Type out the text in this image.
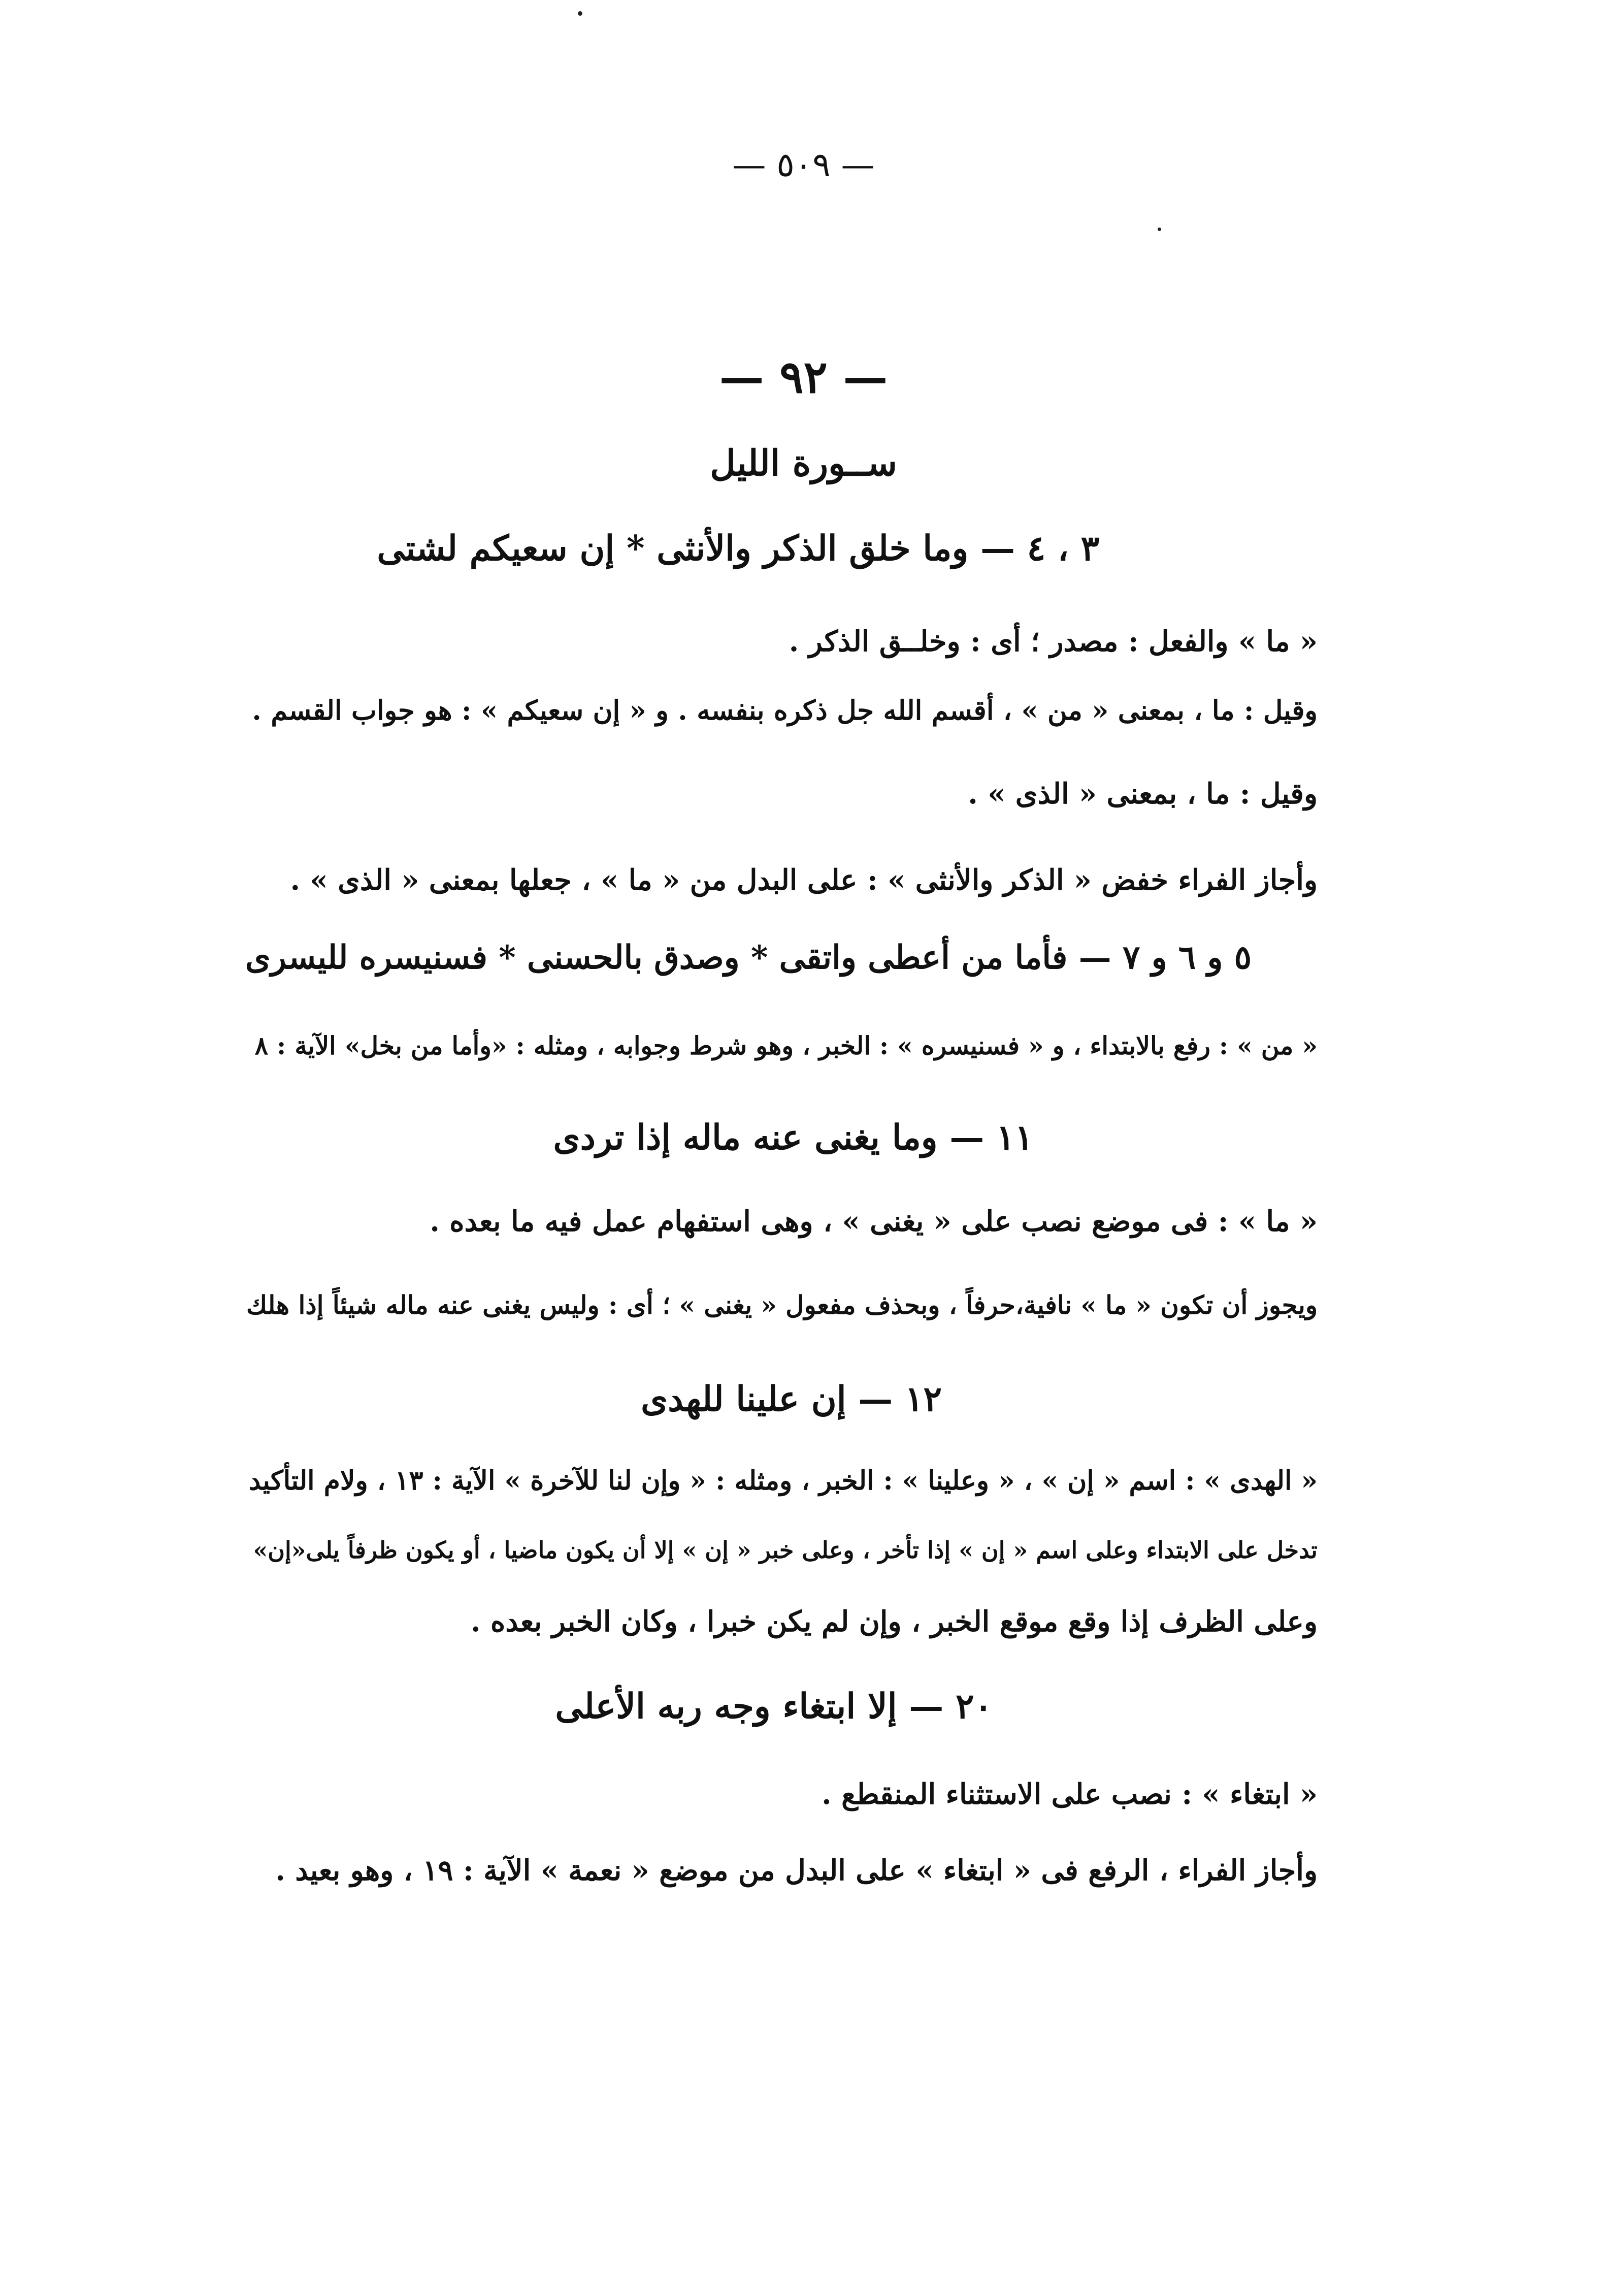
— ٥٠٩ —
— ٩٢ —
ســورة الليل
٣ ، ٤ — وما خلق الذكر والأنثى * إن سعيكم لشتى
« ما » والفعل : مصدر ؛ أى : وخلــق الذكر .
وقيل : ما ، بمعنى « من » ، أقسم الله جل ذكره بنفسه . و « إن سعيكم » : هو جواب القسم .
وقيل : ما ، بمعنى « الذى » .
وأجاز الفراء خفض « الذكر والأنثى » : على البدل من « ما » ، جعلها بمعنى « الذى » .
٥ و ٦ و ٧ — فأما من أعطى واتقى * وصدق بالحسنى * فسنيسره لليسرى
« من » : رفع بالابتداء ، و « فسنيسره » : الخبر ، وهو شرط وجوابه ، ومثله : «وأما من بخل» الآية : ٨
١١ — وما يغنى عنه ماله إذا تردى
« ما » : فى موضع نصب على « يغنى » ، وهى استفهام عمل فيه ما بعده .
ويجوز أن تكون « ما » نافية،حرفاً ، وبحذف مفعول « يغنى » ؛ أى : وليس يغنى عنه ماله شيئاً إذا هلك
١٢ — إن علينا للهدى
« الهدى » : اسم « إن » ، « وعلينا » : الخبر ، ومثله : « وإن لنا للآخرة » الآية : ١٣ ، ولام التأكيد
تدخل على الابتداء وعلى اسم « إن » إذا تأخر ، وعلى خبر « إن » إلا أن يكون ماضيا ، أو يكون ظرفاً يلى«إن»
وعلى الظرف إذا وقع موقع الخبر ، وإن لم يكن خبرا ، وكان الخبر بعده .
٢٠ — إلا ابتغاء وجه ربه الأعلى
« ابتغاء » : نصب على الاستثناء المنقطع .
وأجاز الفراء ، الرفع فى « ابتغاء » على البدل من موضع « نعمة » الآية : ١٩ ، وهو بعيد .
